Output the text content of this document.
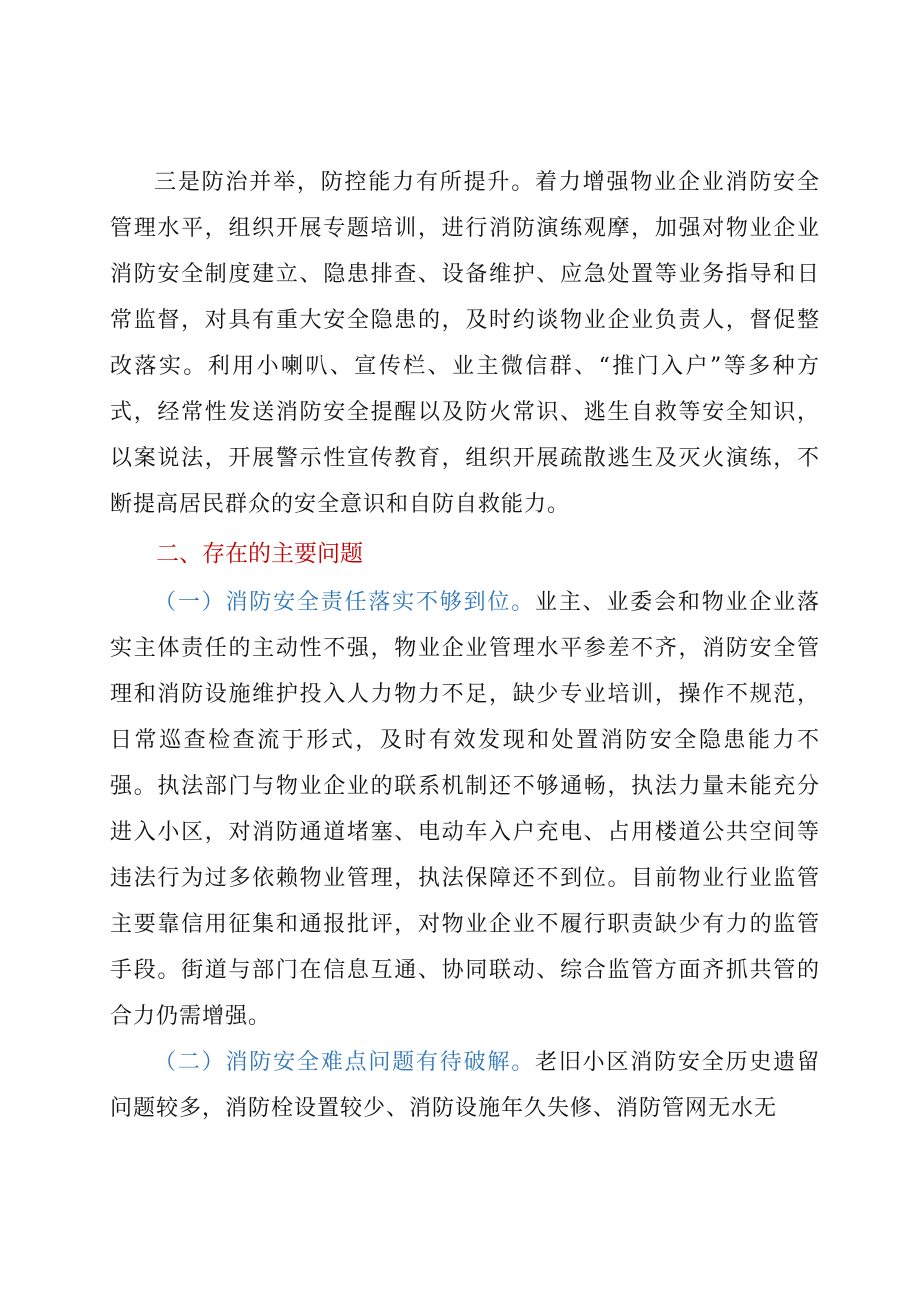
三是防治并举，防控能力有所提升。着力增强物业企业消防安全管理水平，组织开展专题培训，进行消防演练观摩，加强对物业企业消防安全制度建立、隐患排查、设备维护、应急处置等业务指导和日常监督，对具有重大安全隐患的，及时约谈物业企业负责人，督促整改落实。利用小喇叭、宣传栏、业主微信群、“推门入户”等多种方式，经常性发送消防安全提醒以及防火常识、逃生自救等安全知识，以案说法，开展警示性宣传教育，组织开展疏散逃生及灭火演练，不断提高居民群众的安全意识和自防自救能力。

二、存在的主要问题

（一）消防安全责任落实不够到位。业主、业委会和物业企业落实主体责任的主动性不强，物业企业管理水平参差不齐，消防安全管理和消防设施维护投入人力物力不足，缺少专业培训，操作不规范，日常巡查检查流于形式，及时有效发现和处置消防安全隐患能力不强。执法部门与物业企业的联系机制还不够通畅，执法力量未能充分进入小区，对消防通道堵塞、电动车入户充电、占用楼道公共空间等违法行为过多依赖物业管理，执法保障还不到位。目前物业行业监管主要靠信用征集和通报批评，对物业企业不履行职责缺少有力的监管手段。街道与部门在信息互通、协同联动、综合监管方面齐抓共管的合力仍需增强。

（二）消防安全难点问题有待破解。老旧小区消防安全历史遗留问题较多，消防栓设置较少、消防设施年久失修、消防管网无水无
